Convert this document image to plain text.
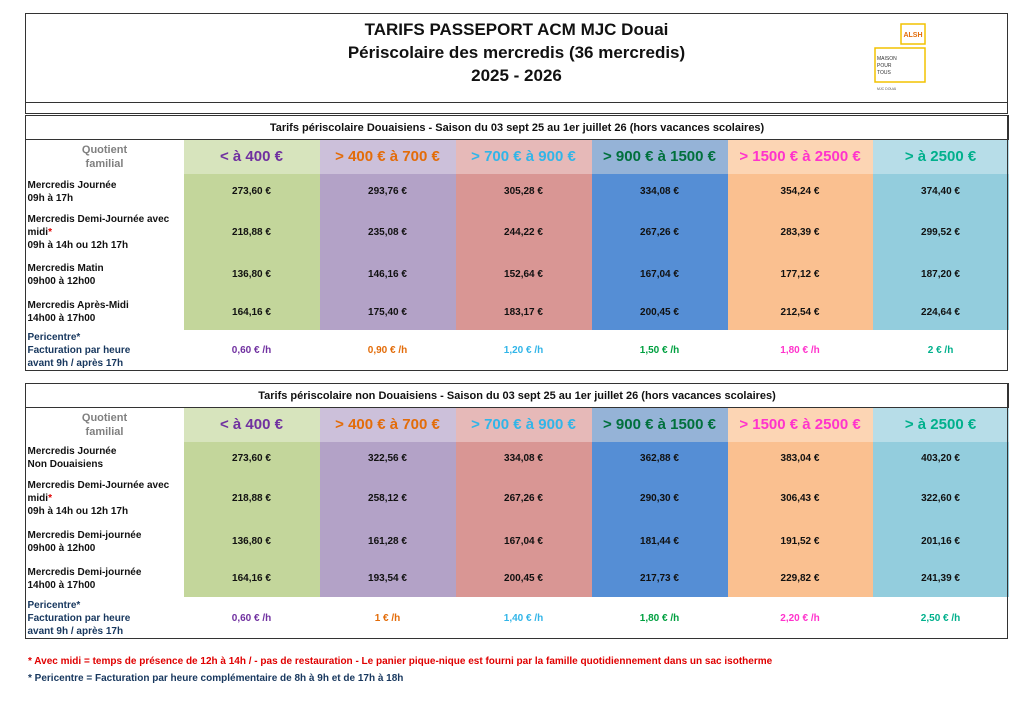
TARIFS PASSEPORT ACM MJC Douai
Périscolaire des mercredis (36 mercredis)
2025 - 2026
ALSH
MAISON
POUR
TOUS
MJC DOUAI
Tarifs périscolaire Douaisiens - Saison du 03 sept 25 au 1er juillet 26 (hors vacances scolaires)						

Quotient
familial	< à 400 €	> 400 € à 700 €	> 700 € à 900 €	> 900 € à 1500 €	> 1500 € à 2500 €	> à 2500 €

Mercredis Journée
09h à 17h	273,60 €	293,76 €	305,28 €	334,08 €	354,24 €	374,40 €

Mercredis Demi-Journée avec
midi*
09h à 14h ou 12h 17h	218,88 €	235,08 €	244,22 €	267,26 €	283,39 €	299,52 €

Mercredis Matin
09h00 à 12h00	136,80 €	146,16 €	152,64 €	167,04 €	177,12 €	187,20 €

Mercredis Après-Midi
14h00 à 17h00	164,16 €	175,40 €	183,17 €	200,45 €	212,54 €	224,64 €

Pericentre*
Facturation par heure
avant 9h / après 17h	0,60 € /h	0,90 € /h	1,20 € /h	1,50 € /h	1,80 € /h	2 € /h
Tarifs périscolaire non Douaisiens - Saison du 03 sept 25 au 1er juillet 26 (hors vacances scolaires)						

Quotient
familial	< à 400 €	> 400 € à 700 €	> 700 € à 900 €	> 900 € à 1500 €	> 1500 € à 2500 €	> à 2500 €

Mercredis Journée
Non Douaisiens	273,60 €	322,56 €	334,08 €	362,88 €	383,04 €	403,20 €

Mercredis Demi-Journée avec
midi*
09h à 14h ou 12h 17h	218,88 €	258,12 €	267,26 €	290,30 €	306,43 €	322,60 €

Mercredis Demi-journée
09h00 à 12h00	136,80 €	161,28 €	167,04 €	181,44 €	191,52 €	201,16 €

Mercredis Demi-journée
14h00 à 17h00	164,16 €	193,54 €	200,45 €	217,73 €	229,82 €	241,39 €

Pericentre*
Facturation par heure
avant 9h / après 17h	0,60 € /h	1 € /h	1,40 € /h	1,80 € /h	2,20 € /h	2,50 € /h
* Avec midi = temps de présence de 12h à 14h / - pas de restauration - Le panier pique-nique est fourni par la famille quotidiennement dans un sac isotherme
* Pericentre = Facturation par heure complémentaire de 8h à 9h et de 17h à 18h
